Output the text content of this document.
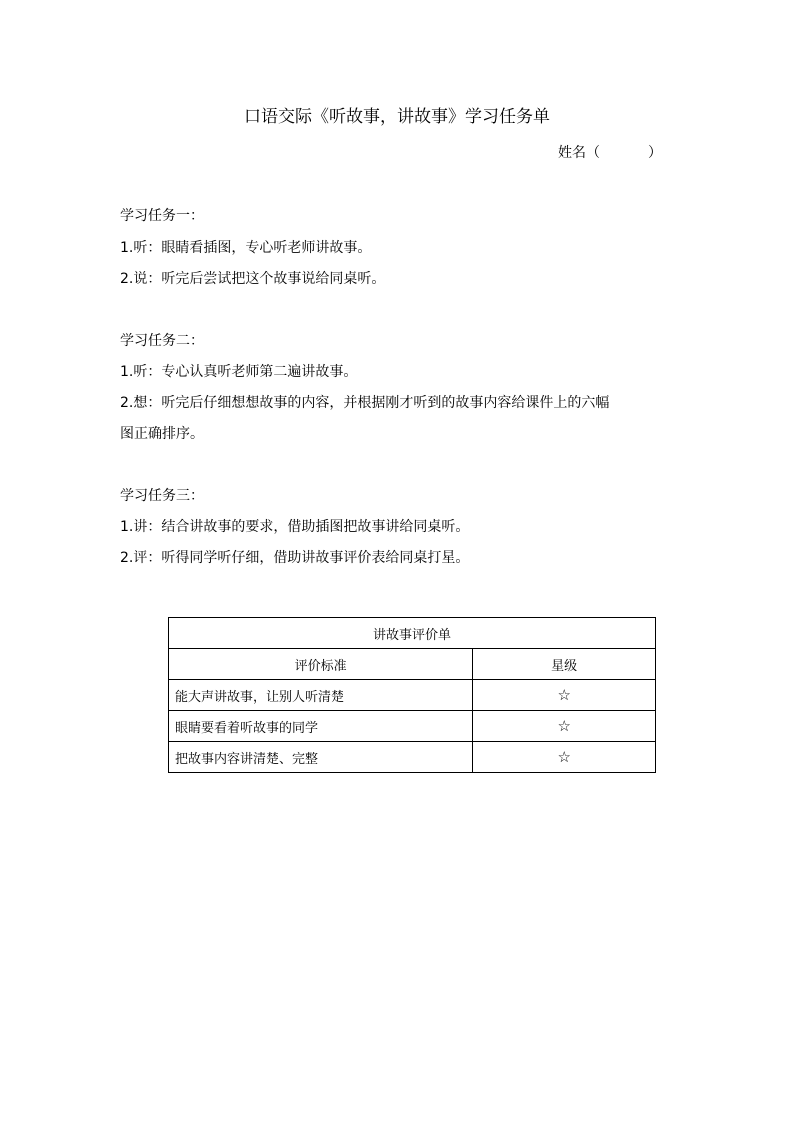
口语交际《听故事，讲故事》学习任务单
姓名（	）
学习任务一：
1.听：眼睛看插图，专心听老师讲故事。
2.说：听完后尝试把这个故事说给同桌听。
学习任务二：
1.听：专心认真听老师第二遍讲故事。
2.想：听完后仔细想想故事的内容，并根据刚才听到的故事内容给课件上的六幅
图正确排序。
学习任务三：
1.讲：结合讲故事的要求，借助插图把故事讲给同桌听。
2.评：听得同学听仔细，借助讲故事评价表给同桌打星。
讲故事评价单	
评价标准	星级
能大声讲故事，让别人听清楚	☆
眼睛要看着听故事的同学	☆
把故事内容讲清楚、完整	☆
